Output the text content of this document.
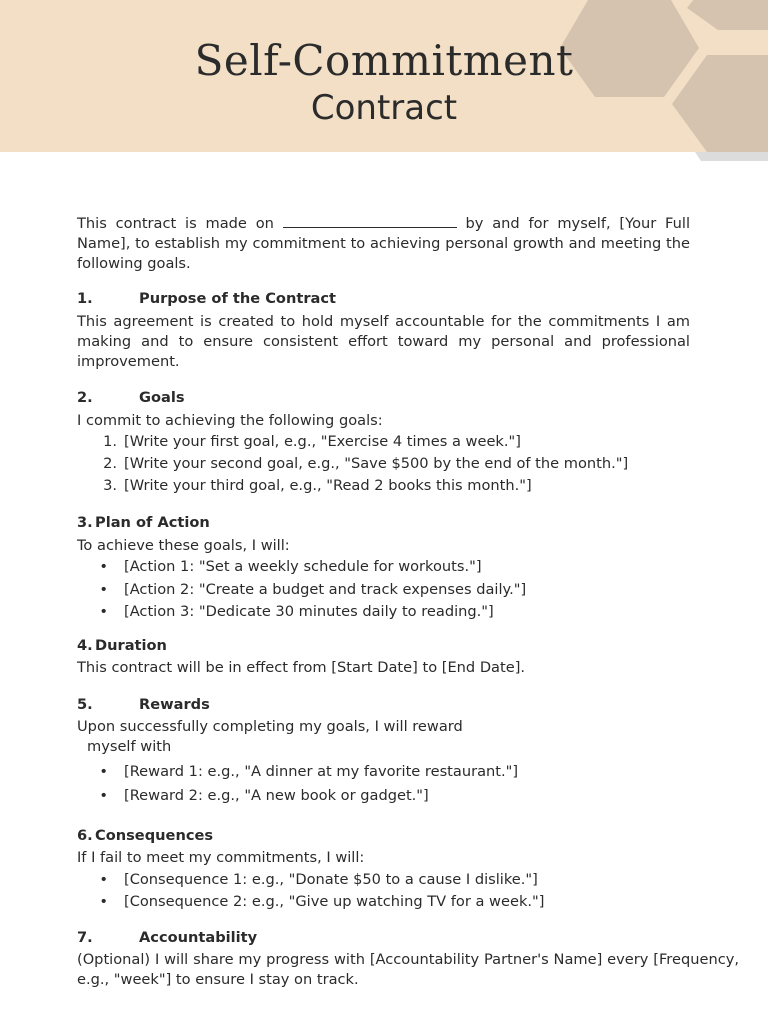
Self-Commitment
Contract
This contract is made on	by and for myself, [Your Full Name], to establish my commitment to achieving personal growth and meeting the following goals.
1.	Purpose of the Contract
This agreement is created to hold myself accountable for the commitments I am making and to ensure consistent effort toward my personal and professional improvement.
2.	Goals
I commit to achieving the following goals:
1. [Write your first goal, e.g., "Exercise 4 times a week."]
2. [Write your second goal, e.g., "Save $500 by the end of the month."]
3. [Write your third goal, e.g., "Read 2 books this month."]
3. Plan of Action
To achieve these goals, I will:
• [Action 1: "Set a weekly schedule for workouts."]
• [Action 2: "Create a budget and track expenses daily."]
• [Action 3: "Dedicate 30 minutes daily to reading."]
4. Duration
This contract will be in effect from [Start Date] to [End Date].
5.	Rewards
Upon successfully completing my goals, I will reward
myself with
• [Reward 1: e.g., "A dinner at my favorite restaurant."]
• [Reward 2: e.g., "A new book or gadget."]
6. Consequences
If I fail to meet my commitments, I will:
• [Consequence 1: e.g., "Donate $50 to a cause I dislike."]
• [Consequence 2: e.g., "Give up watching TV for a week."]
7.	Accountability
(Optional) I will share my progress with [Accountability Partner's Name] every [Frequency, e.g., "week"] to ensure I stay on track.
